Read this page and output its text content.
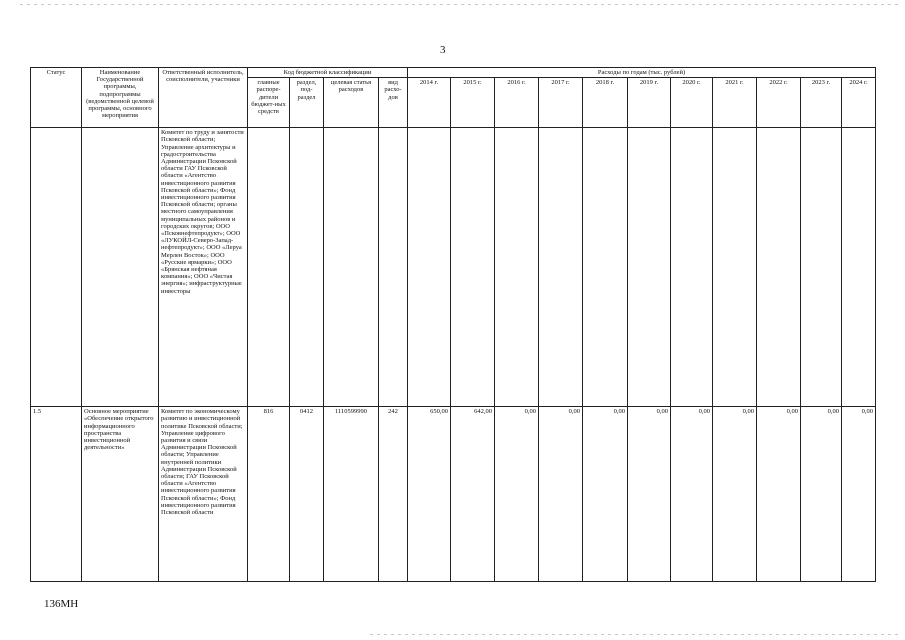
3
Статус	Наименование Государственной программы, подпрограммы (ведомственной целевой программы, основного мероприятия	Ответственный исполнитель, соисполнители, участники	Код бюджетной классификации				Расходы по годам (тыс. рублей)										
			главные распоре-дители бюджет-ных средств	раздел, под-раздел	целевая статья расходов	вид расхо-дов	2014 г.	2015 г.	2016 г.	2017 г.	2018 г.	2019 г.	2020 г.	2021 г.	2022 г.	2023 г.	2024 г.
		Комитет по труду и занятости Псковской области; Управление архитектуры и градостроительства Администрации Псковской области ГАУ Псковской области «Агентство инвестиционного развития Псковской области»; Фонд инвестиционного развития Псковской области; органы местного самоуправления муниципальных районов и городских округов; ООО «Псковнефтепродукт»; ООО «ЛУКОЙЛ-Северо-Запад-нефтепродукт»; ООО «Леруа Мерлен Восток»; ООО «Русские ярмарки»; ООО «Брянская нефтяная компания»; ООО «Чистая энергия»; инфраструктурные инвесторы															
1.5	Основное мероприятие «Обеспечение открытого информационного пространства инвестиционной деятельности»	Комитет по экономическому развитию и инвестиционной политике Псковской области; Управление цифрового развития и связи Администрации Псковской области; Управление внутренней политики Администрации Псковской области; ГАУ Псковской области «Агентство инвестиционного развития Псковской области»; Фонд инвестиционного развития Псковской области	816	0412	1110599990	242	650,00	642,00	0,00	0,00	0,00	0,00	0,00	0,00	0,00	0,00	0,00
136МН
